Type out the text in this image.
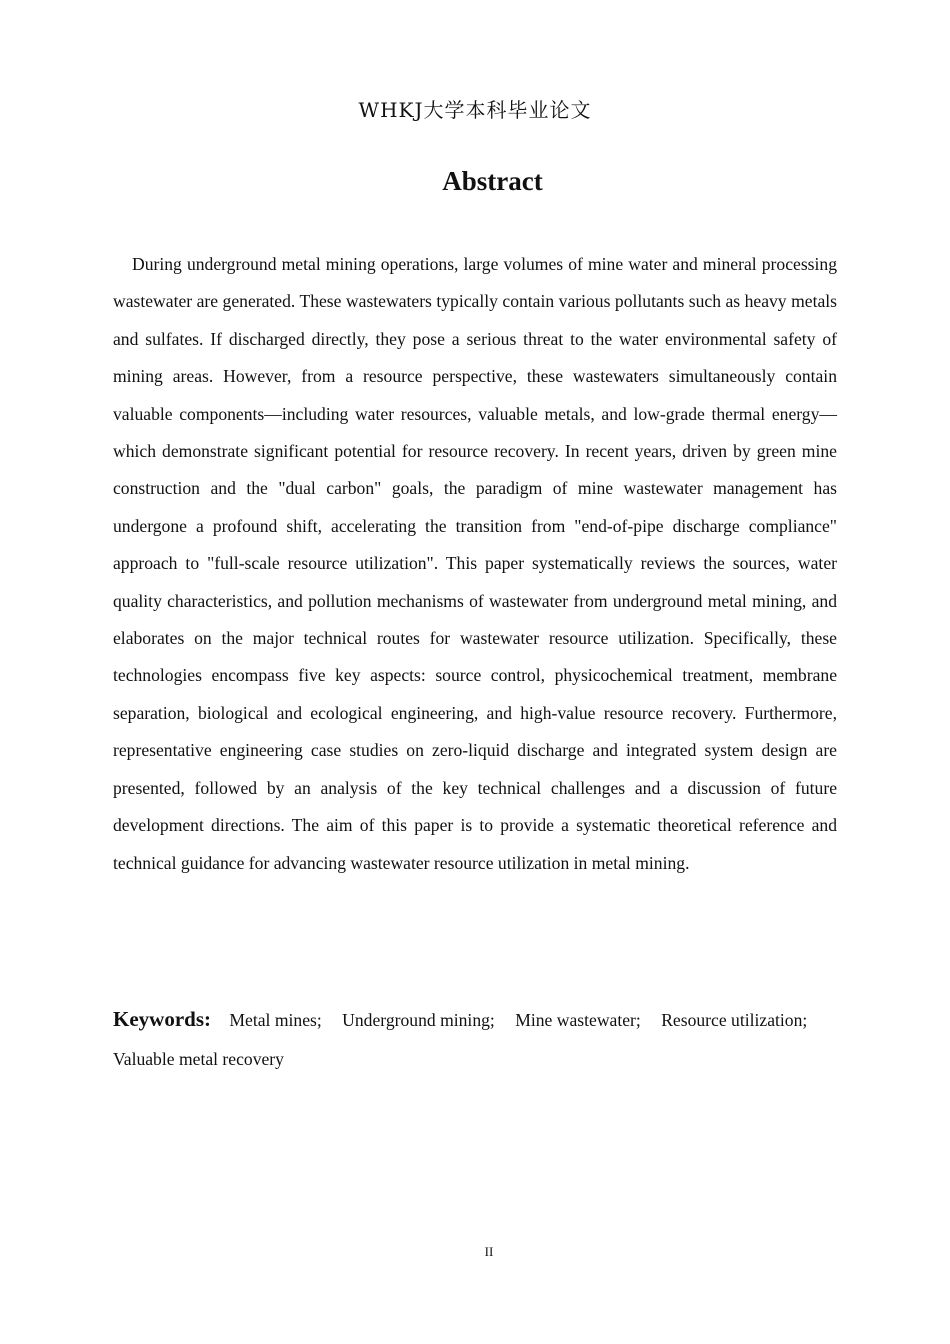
WHKJ大学本科毕业论文
Abstract

During underground metal mining operations, large volumes of mine water and mineral processing wastewater are generated. These wastewaters typically contain various pollutants such as heavy metals and sulfates. If discharged directly, they pose a serious threat to the water environmental safety of mining areas. However, from a resource perspective, these wastewaters simultaneously contain valuable components—including water resources, valuable metals, and low-grade thermal energy—which demonstrate significant potential for resource recovery. In recent years, driven by green mine construction and the "dual carbon" goals, the paradigm of mine wastewater management has undergone a profound shift, accelerating the transition from "end-of-pipe discharge compliance" approach to "full-scale resource utilization". This paper systematically reviews the sources, water quality characteristics, and pollution mechanisms of wastewater from underground metal mining, and elaborates on the major technical routes for wastewater resource utilization. Specifically, these technologies encompass five key aspects: source control, physicochemical treatment, membrane separation, biological and ecological engineering, and high-value resource recovery. Furthermore, representative engineering case studies on zero-liquid discharge and integrated system design are presented, followed by an analysis of the key technical challenges and a discussion of future development directions. The aim of this paper is to provide a systematic theoretical reference and technical guidance for advancing wastewater resource utilization in metal mining.

Keywords: Metal mines; Underground mining; Mine wastewater; Resource utilization; Valuable metal recovery
II
